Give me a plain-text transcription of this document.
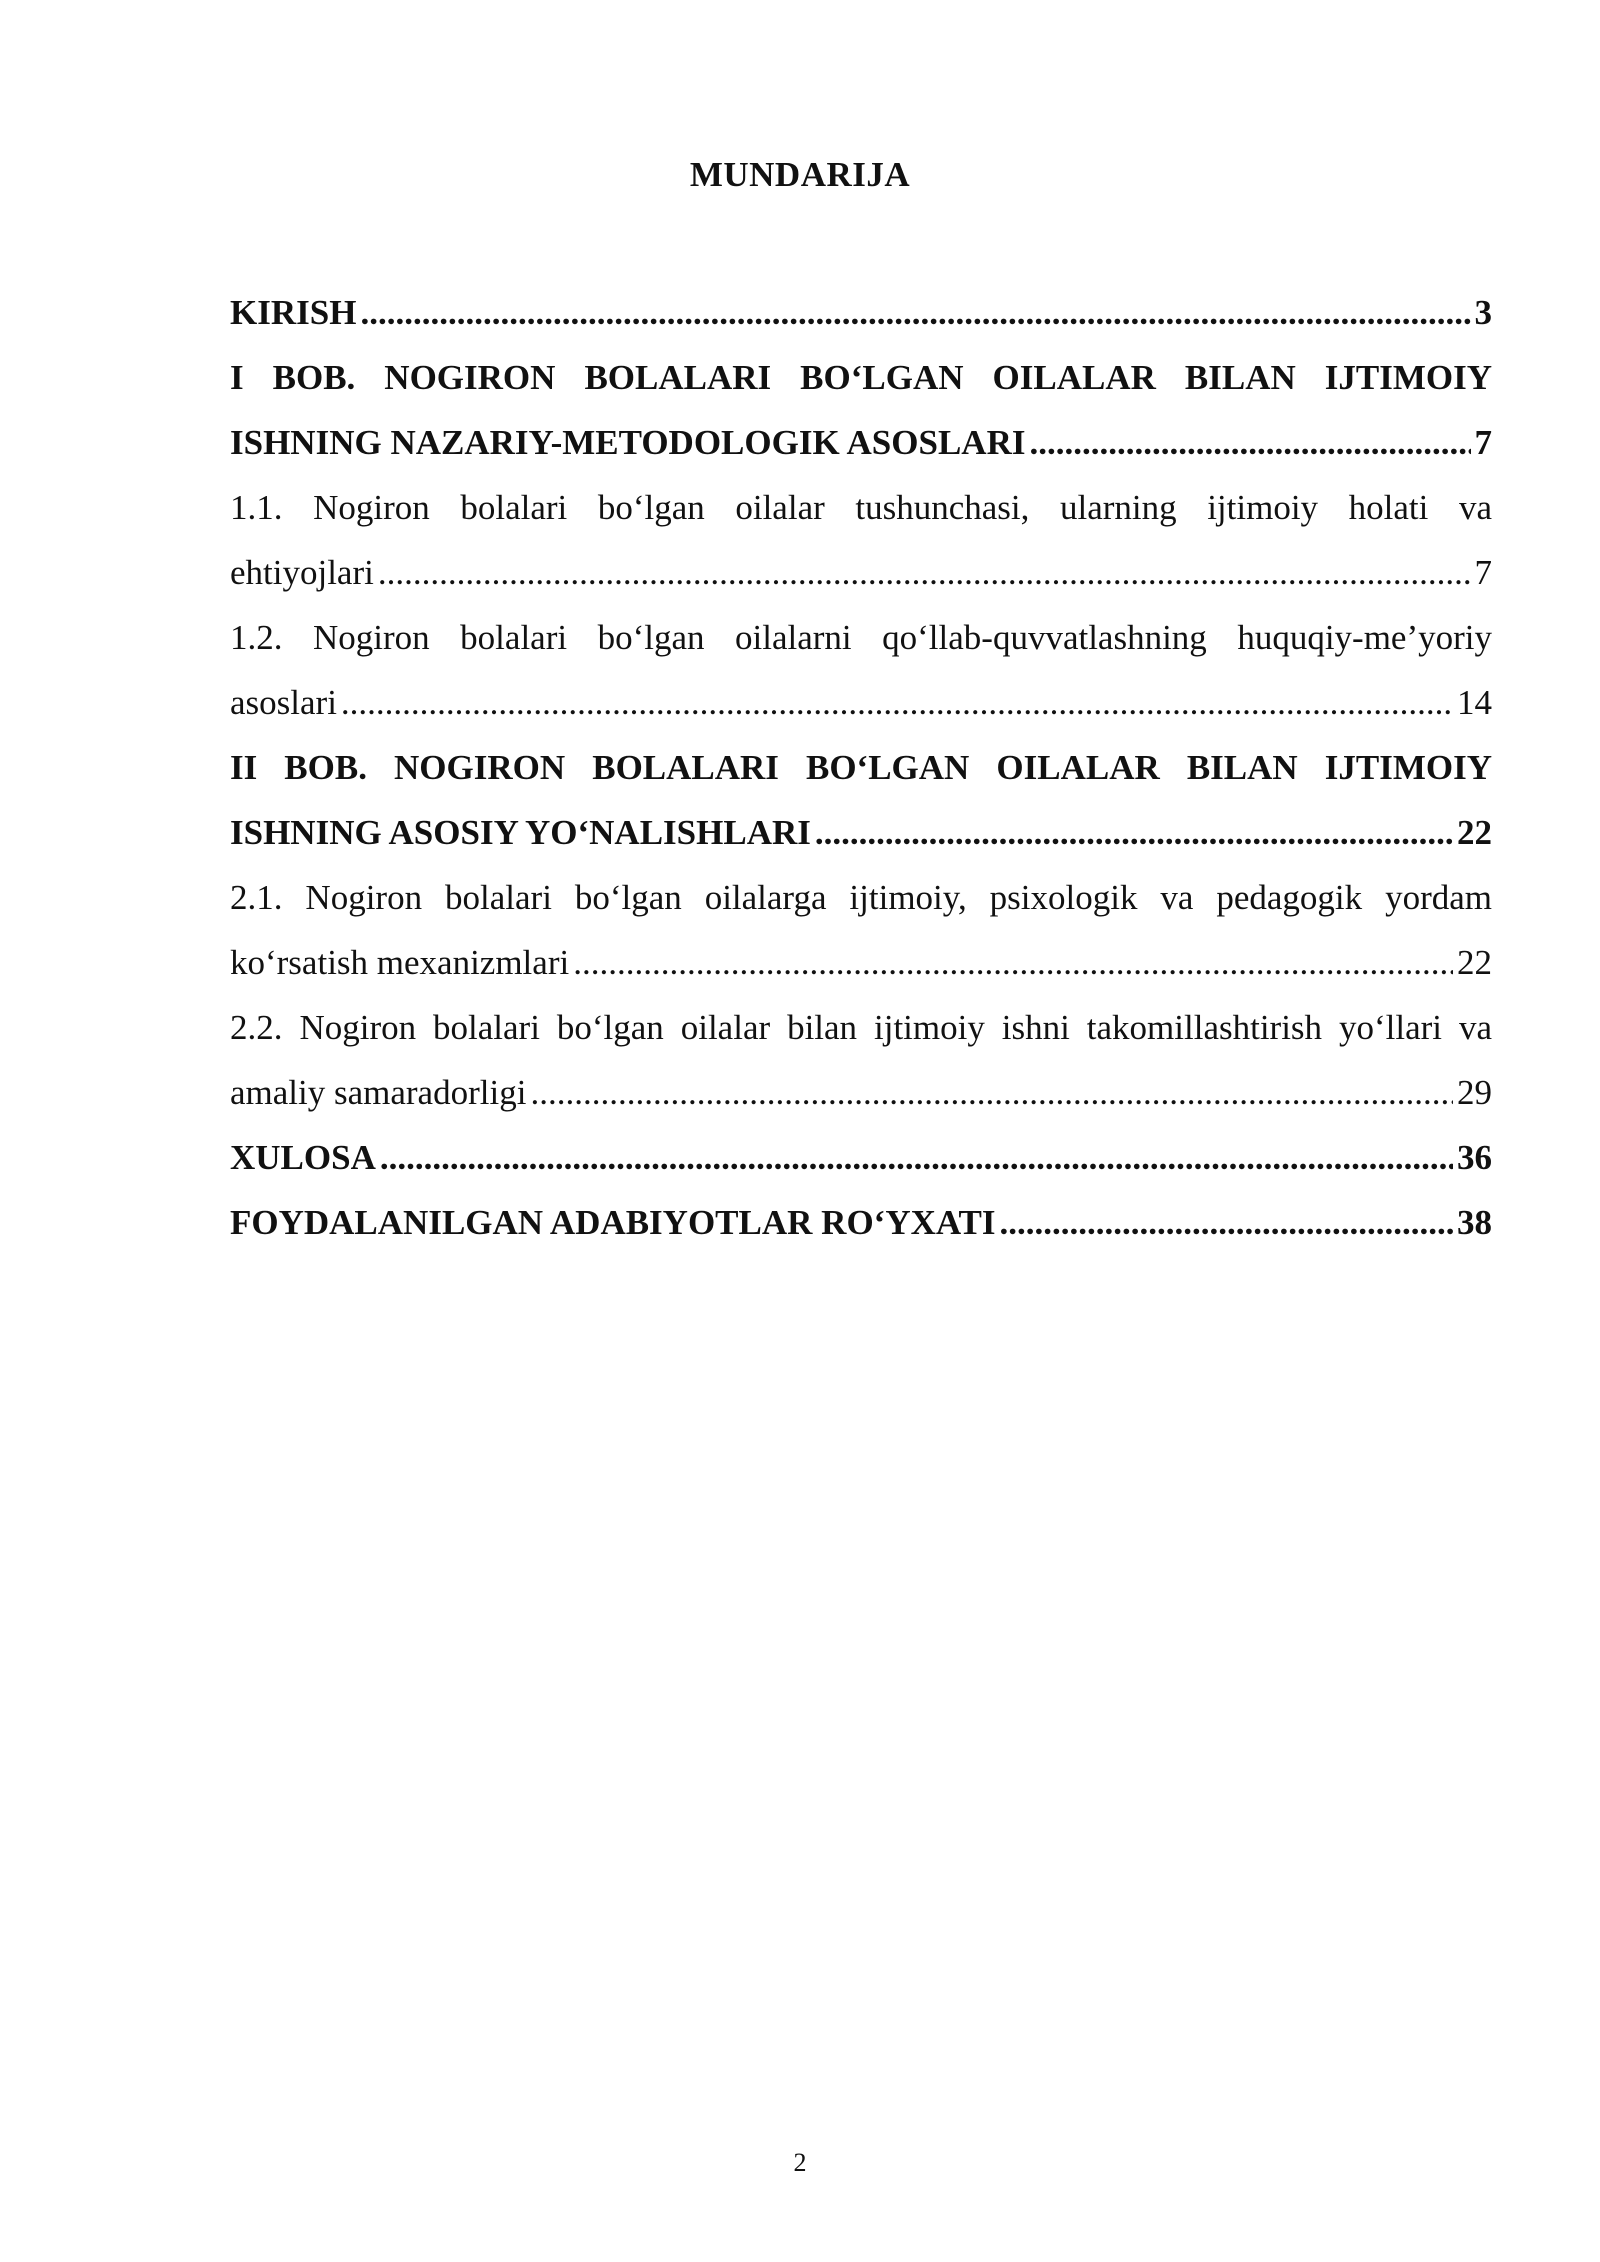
MUNDARIJA
KIRISH .....	3
I BOB. NOGIRON BOLALARI BO‘LGAN OILALAR BILAN IJTIMOIY
ISHNING NAZARIY-METODOLOGIK ASOSLARI .....	7
1.1. Nogiron bolalari bo‘lgan oilalar tushunchasi, ularning ijtimoiy holati va
ehtiyojlari .....	7
1.2. Nogiron bolalari bo‘lgan oilalarni qo‘llab-quvvatlashning huquqiy-me’yoriy
asoslari .....	14
II BOB. NOGIRON BOLALARI BO‘LGAN OILALAR BILAN IJTIMOIY
ISHNING ASOSIY YO‘NALISHLARI .....	22
2.1. Nogiron bolalari bo‘lgan oilalarga ijtimoiy, psixologik va pedagogik yordam
ko‘rsatish mexanizmlari .....	22
2.2. Nogiron bolalari bo‘lgan oilalar bilan ijtimoiy ishni takomillashtirish yo‘llari va
amaliy samaradorligi .....	29
XULOSA .....	36
FOYDALANILGAN ADABIYOTLAR RO‘YXATI .....	38
2
